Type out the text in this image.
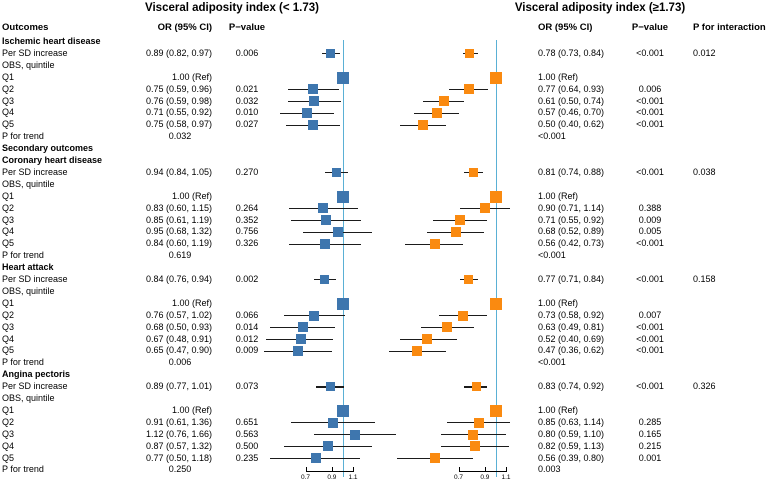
Visceral adiposity index (< 1.73)	Visceral adiposity index (≥1.73)
Outcomes	OR (95% CI)	P−value	OR (95% CI)	P−value	P for interaction
Ischemic heart disease
Per SD increase	0.89 (0.82, 0.97)	0.006	0.78 (0.73, 0.84)	<0.001	0.012
OBS, quintile
Q1	1.00 (Ref)	1.00 (Ref)
Q2	0.75 (0.59, 0.96)	0.021	0.77 (0.64, 0.93)	0.006
Q3	0.76 (0.59, 0.98)	0.032	0.61 (0.50, 0.74)	<0.001
Q4	0.71 (0.55, 0.92)	0.010	0.57 (0.46, 0.70)	<0.001
Q5	0.75 (0.58, 0.97)	0.027	0.50 (0.40, 0.62)	<0.001
P for trend	0.032	<0.001
Secondary outcomes
Coronary heart disease
Per SD increase	0.94 (0.84, 1.05)	0.270	0.81 (0.74, 0.88)	<0.001	0.038
OBS, quintile
Q1	1.00 (Ref)	1.00 (Ref)
Q2	0.83 (0.60, 1.15)	0.264	0.90 (0.71, 1.14)	0.388
Q3	0.85 (0.61, 1.19)	0.352	0.71 (0.55, 0.92)	0.009
Q4	0.95 (0.68, 1.32)	0.756	0.68 (0.52, 0.89)	0.005
Q5	0.84 (0.60, 1.19)	0.326	0.56 (0.42, 0.73)	<0.001
P for trend	0.619	<0.001
Heart attack
Per SD increase	0.84 (0.76, 0.94)	0.002	0.77 (0.71, 0.84)	<0.001	0.158
OBS, quintile
Q1	1.00 (Ref)	1.00 (Ref)
Q2	0.76 (0.57, 1.02)	0.066	0.73 (0.58, 0.92)	0.007
Q3	0.68 (0.50, 0.93)	0.014	0.63 (0.49, 0.81)	<0.001
Q4	0.67 (0.48, 0.91)	0.012	0.52 (0.40, 0.69)	<0.001
Q5	0.65 (0.47, 0.90)	0.009	0.47 (0.36, 0.62)	<0.001
P for trend	0.006	<0.001
Angina pectoris
Per SD increase	0.89 (0.77, 1.01)	0.073	0.83 (0.74, 0.92)	<0.001	0.326
OBS, quintile
Q1	1.00 (Ref)	1.00 (Ref)
Q2	0.91 (0.61, 1.36)	0.651	0.85 (0.63, 1.14)	0.285
Q3	1.12 (0.76, 1.66)	0.563	0.80 (0.59, 1.10)	0.165
Q4	0.87 (0.57, 1.32)	0.500	0.82 (0.59, 1.13)	0.215
Q5	0.77 (0.50, 1.18)	0.235	0.56 (0.39, 0.80)	0.001
P for trend	0.250	0.003
0.7	0.9	1.1	0.7	0.9	1.1
